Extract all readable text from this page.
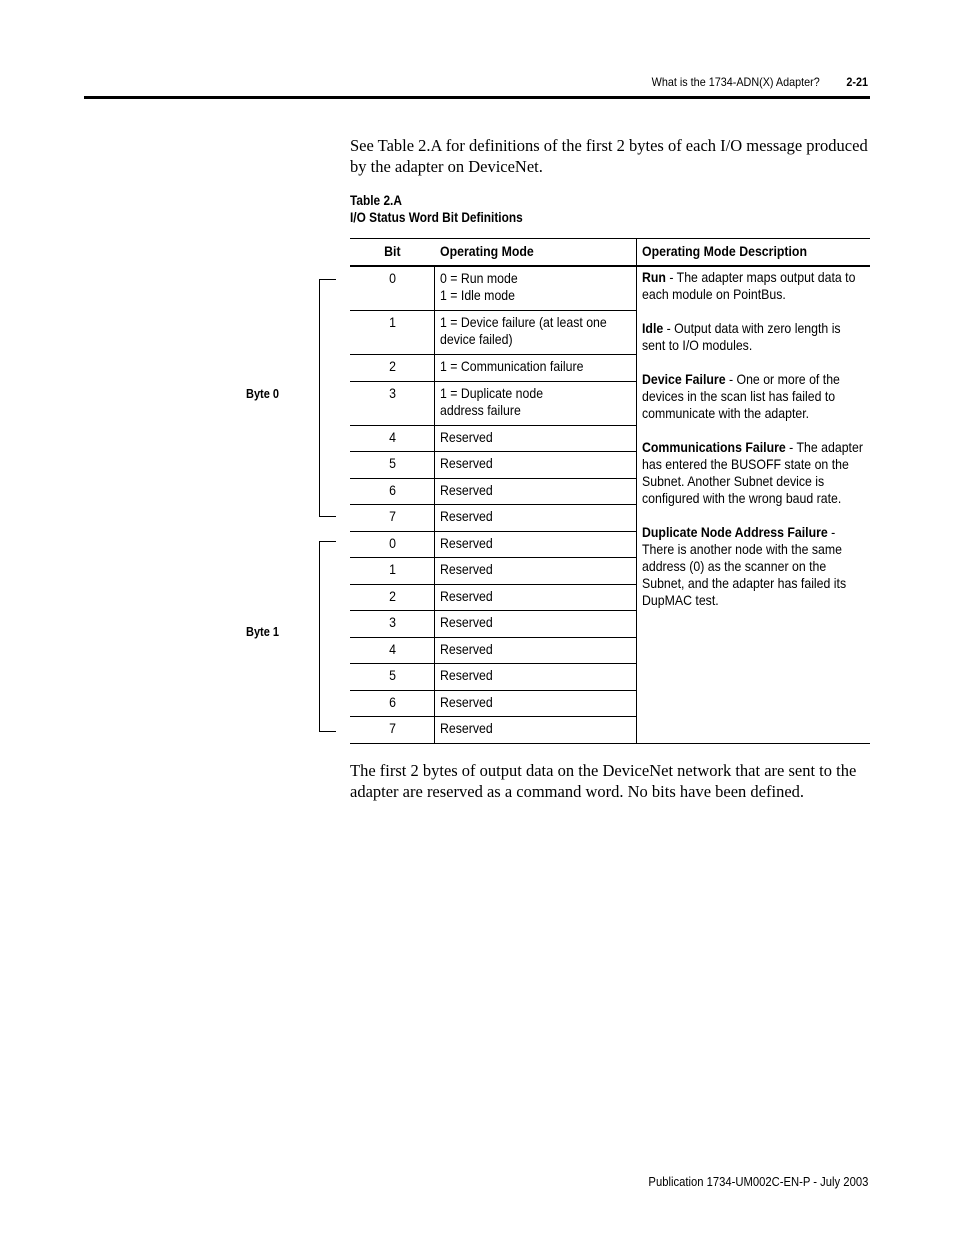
What is the 1734-ADN(X) Adapter? 2-21

See Table 2.A for definitions of the first 2 bytes of each I/O message produced by the adapter on DeviceNet.

Table 2.A
I/O Status Word Bit Definitions
Byte 0
Byte 1
Bit	Operating Mode	Operating Mode Description
0	0 = Run mode
1 = Idle mode
1	1 = Device failure (at least one
device failed)
2	1 = Communication failure
3	1 = Duplicate node
address failure
4	Reserved
5	Reserved
6	Reserved
7	Reserved
0	Reserved
1	Reserved
2	Reserved
3	Reserved
4	Reserved
5	Reserved
6	Reserved
7	Reserved

Run - The adapter maps output data to each module on PointBus.

Idle - Output data with zero length is sent to I/O modules.

Device Failure - One or more of the devices in the scan list has failed to communicate with the adapter.

Communications Failure - The adapter has entered the BUSOFF state on the Subnet. Another Subnet device is configured with the wrong baud rate.

Duplicate Node Address Failure - There is another node with the same address (0) as the scanner on the Subnet, and the adapter has failed its DupMAC test.

The first 2 bytes of output data on the DeviceNet network that are sent to the adapter are reserved as a command word. No bits have been defined.

Publication 1734-UM002C-EN-P - July 2003
